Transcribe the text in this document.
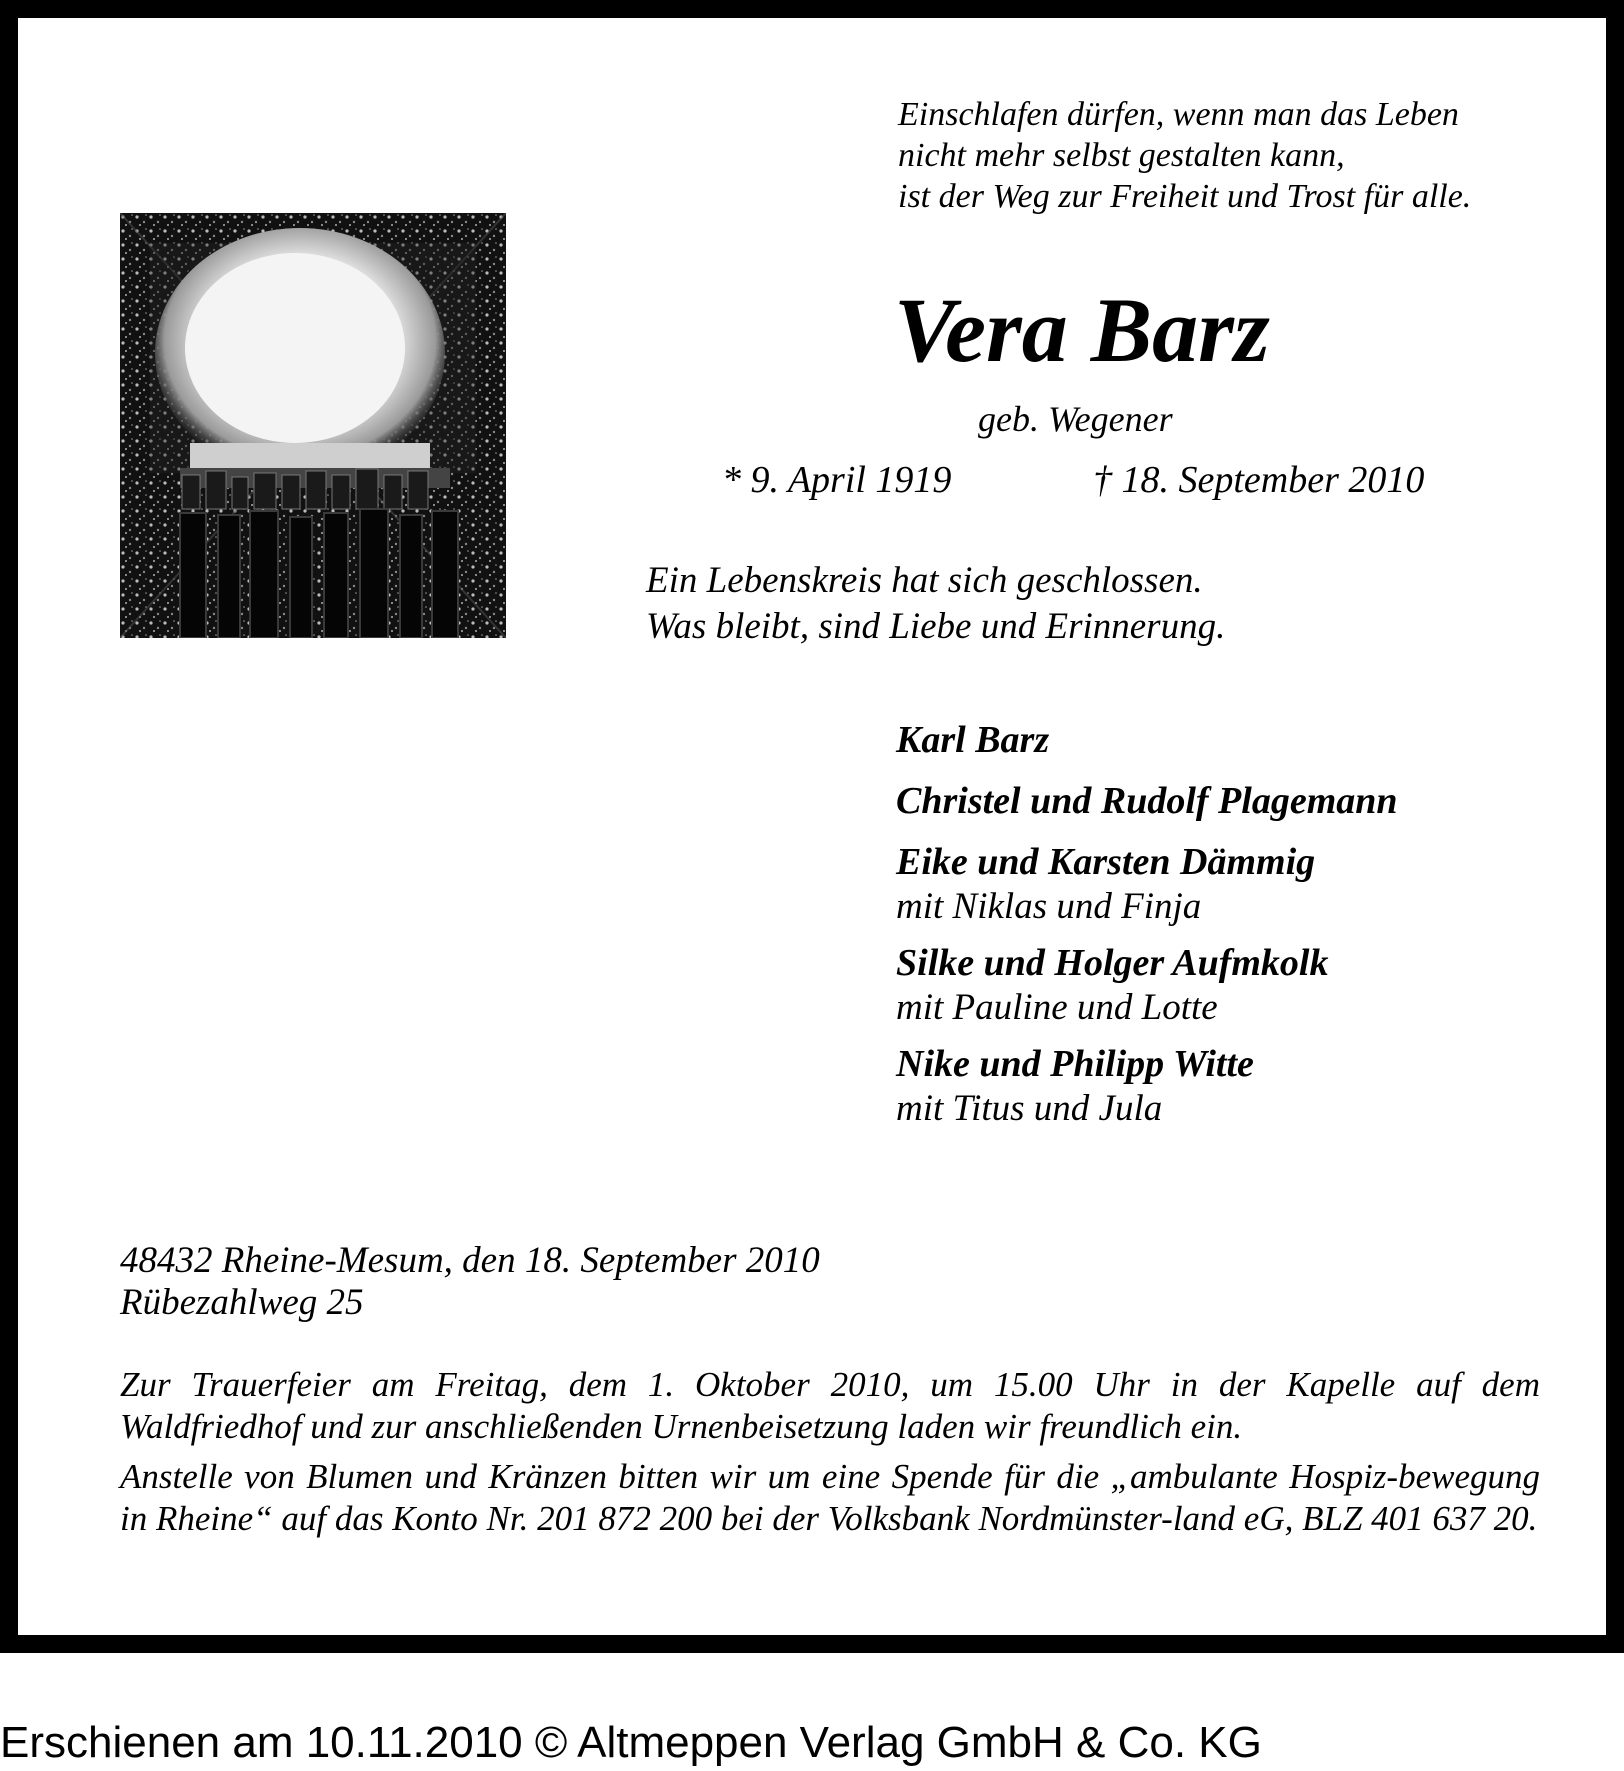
Einschlafen dürfen, wenn man das Leben
nicht mehr selbst gestalten kann,
ist der Weg zur Freiheit und Trost für alle.
Vera Barz
geb. Wegener
* 9. April 1919	† 18. September 2010
Ein Lebenskreis hat sich geschlossen.
Was bleibt, sind Liebe und Erinnerung.
Karl Barz
Christel und Rudolf Plagemann
Eike und Karsten Dämmig
mit Niklas und Finja
Silke und Holger Aufmkolk
mit Pauline und Lotte
Nike und Philipp Witte
mit Titus und Jula
48432 Rheine-Mesum, den 18. September 2010
Rübezahlweg 25
Zur Trauerfeier am Freitag, dem 1. Oktober 2010, um 15.00 Uhr in der Kapelle auf dem Waldfriedhof und zur anschließenden Urnenbeisetzung laden wir freundlich ein.
Anstelle von Blumen und Kränzen bitten wir um eine Spende für die „ambulante Hospiz-bewegung in Rheine“ auf das Konto Nr. 201 872 200 bei der Volksbank Nordmünster-land eG, BLZ 401 637 20.
Erschienen am 10.11.2010 © Altmeppen Verlag GmbH & Co. KG
